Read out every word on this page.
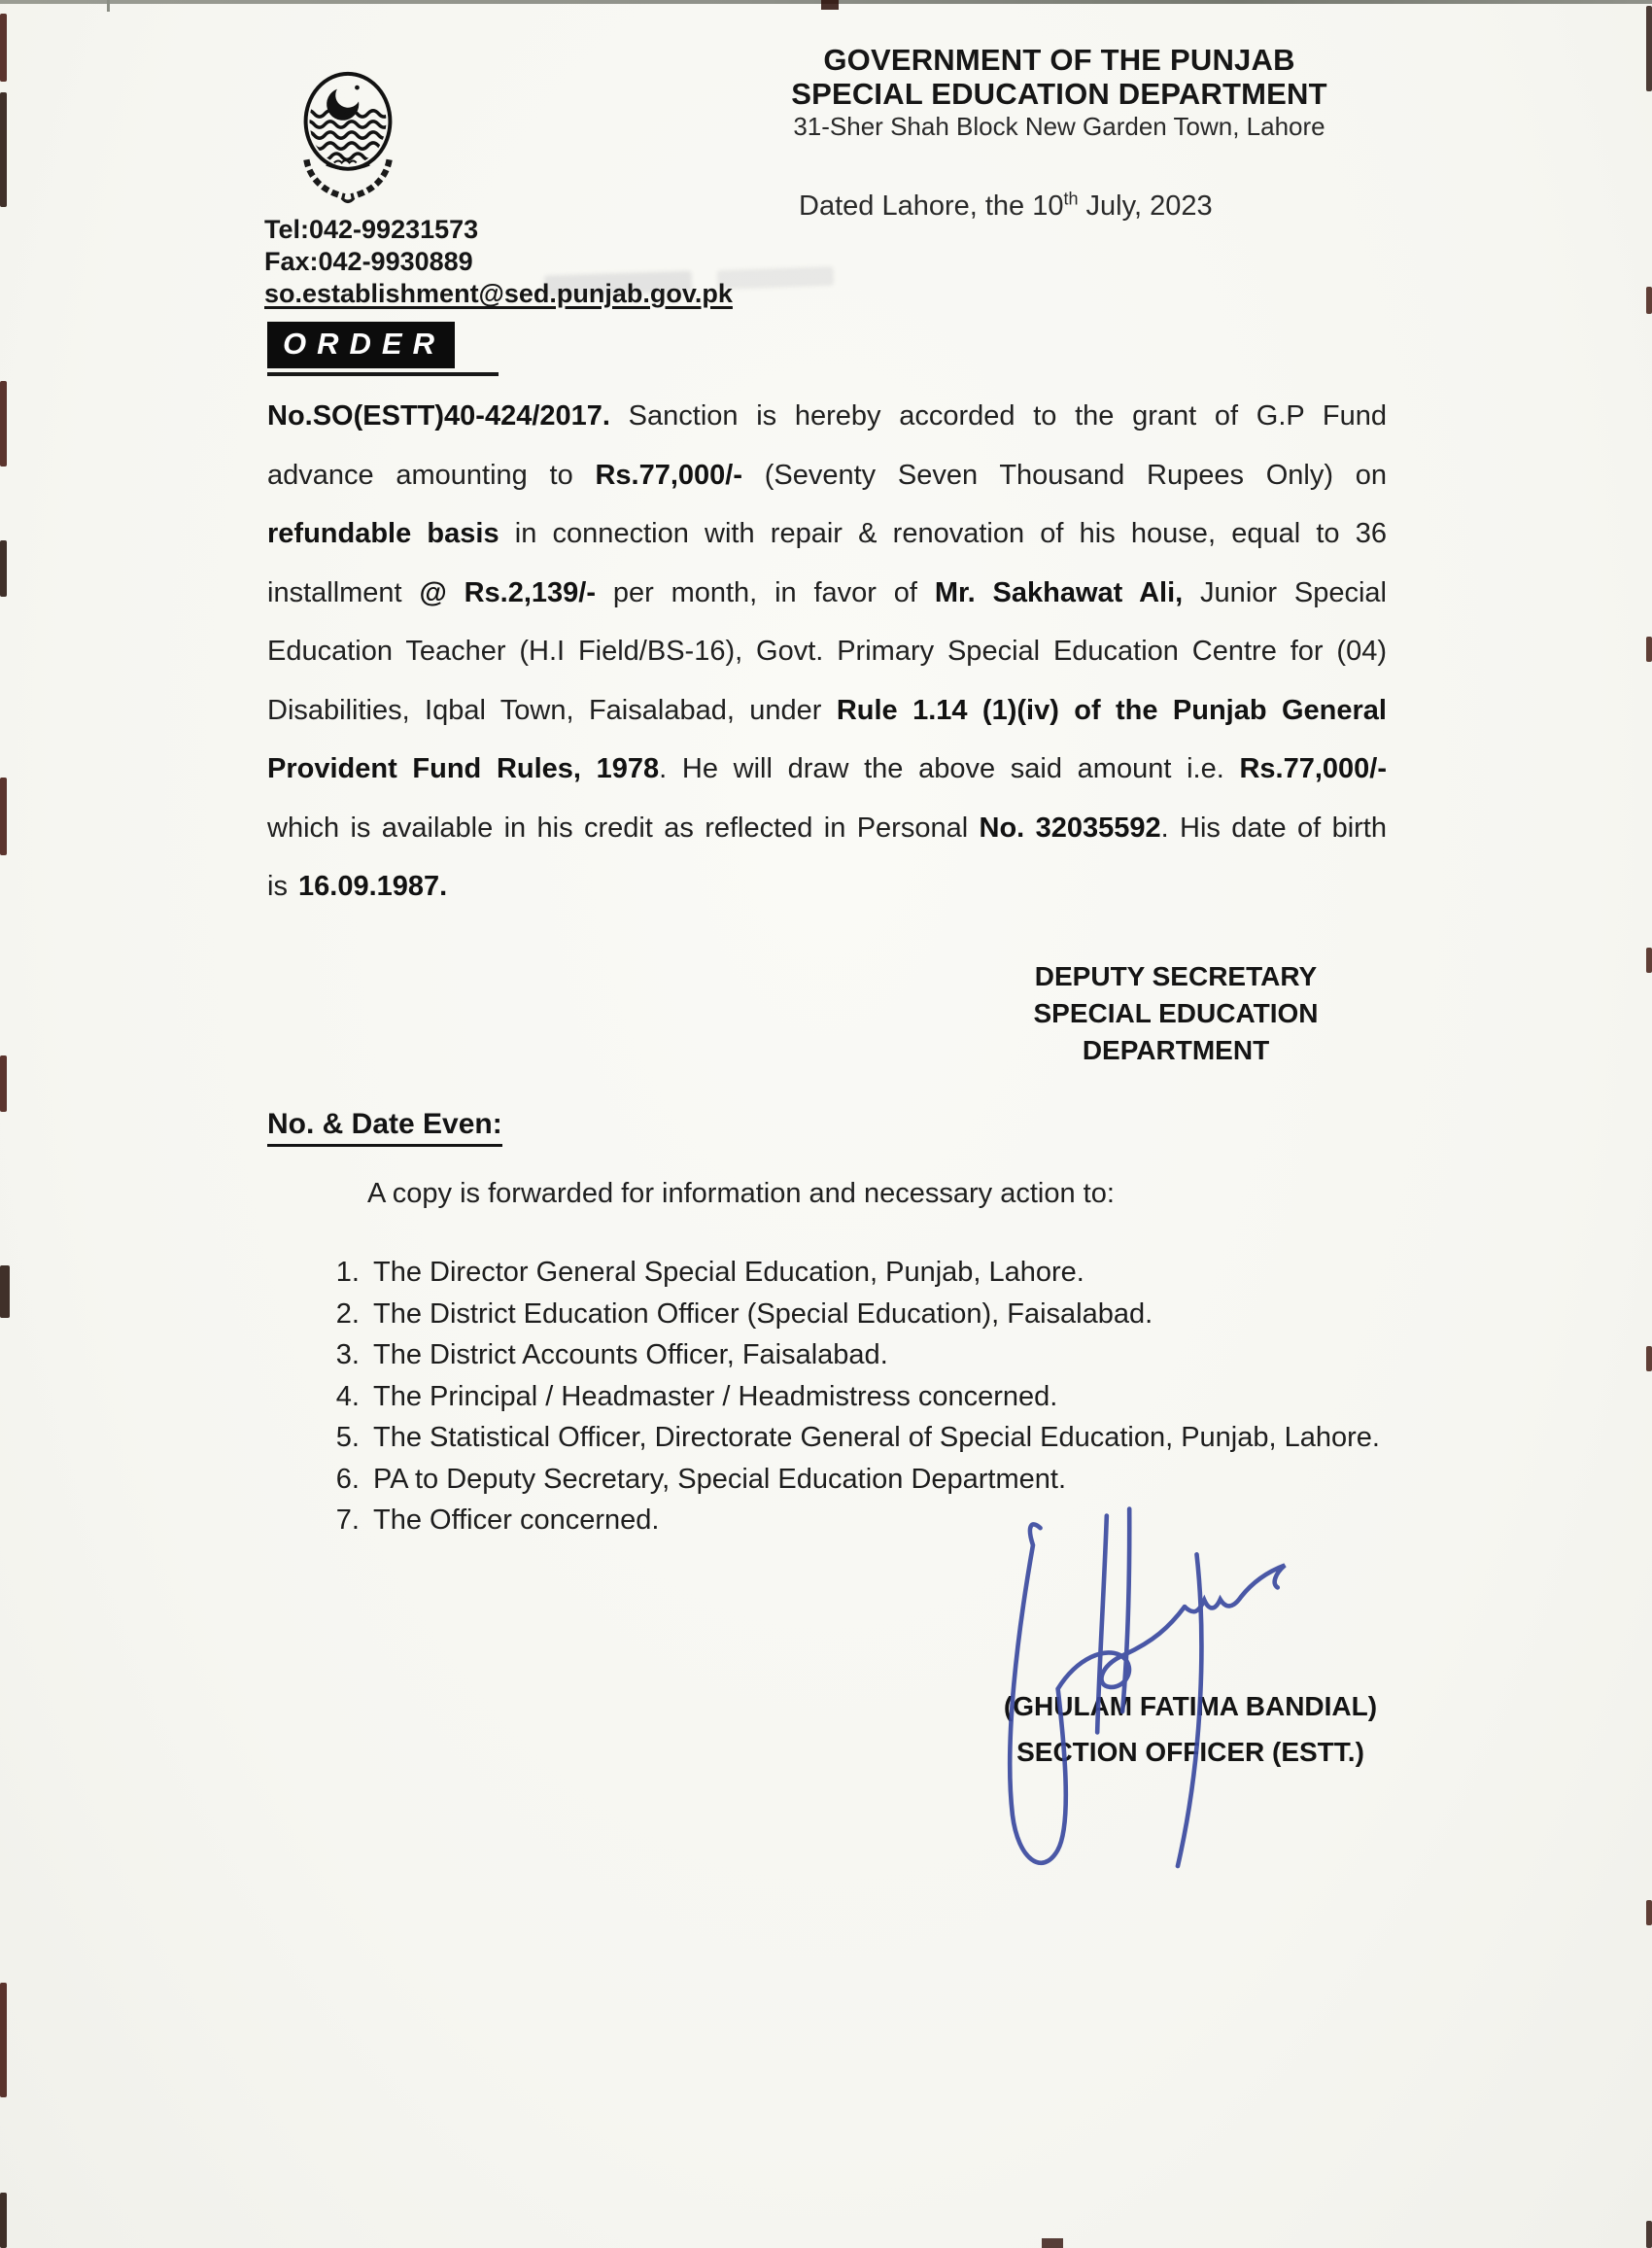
GOVERNMENT OF THE PUNJAB
SPECIAL EDUCATION DEPARTMENT
31-Sher Shah Block New Garden Town, Lahore
Dated Lahore, the 10th July, 2023
Tel:042-99231573
Fax:042-9930889
so.establishment@sed.punjab.gov.pk
ORDER

No.SO(ESTT)40-424/2017. Sanction is hereby accorded to the grant of G.P Fund advance amounting to Rs.77,000/- (Seventy Seven Thousand Rupees Only) on refundable basis in connection with repair & renovation of his house, equal to 36 installment @ Rs.2,139/- per month, in favor of Mr. Sakhawat Ali, Junior Special Education Teacher (H.I Field/BS-16), Govt. Primary Special Education Centre for (04) Disabilities, Iqbal Town, Faisalabad, under Rule 1.14 (1)(iv) of the Punjab General Provident Fund Rules, 1978. He will draw the above said amount i.e. Rs.77,000/- which is available in his credit as reflected in Personal No. 32035592. His date of birth is 16.09.1987.

DEPUTY SECRETARY
SPECIAL EDUCATION
DEPARTMENT
No. & Date Even:
A copy is forwarded for information and necessary action to:
1. The Director General Special Education, Punjab, Lahore.
2. The District Education Officer (Special Education), Faisalabad.
3. The District Accounts Officer, Faisalabad.
4. The Principal / Headmaster / Headmistress concerned.
5. The Statistical Officer, Directorate General of Special Education, Punjab, Lahore.
6. PA to Deputy Secretary, Special Education Department.
7. The Officer concerned.
(GHULAM FATIMA BANDIAL)
SECTION OFFICER (ESTT.)
